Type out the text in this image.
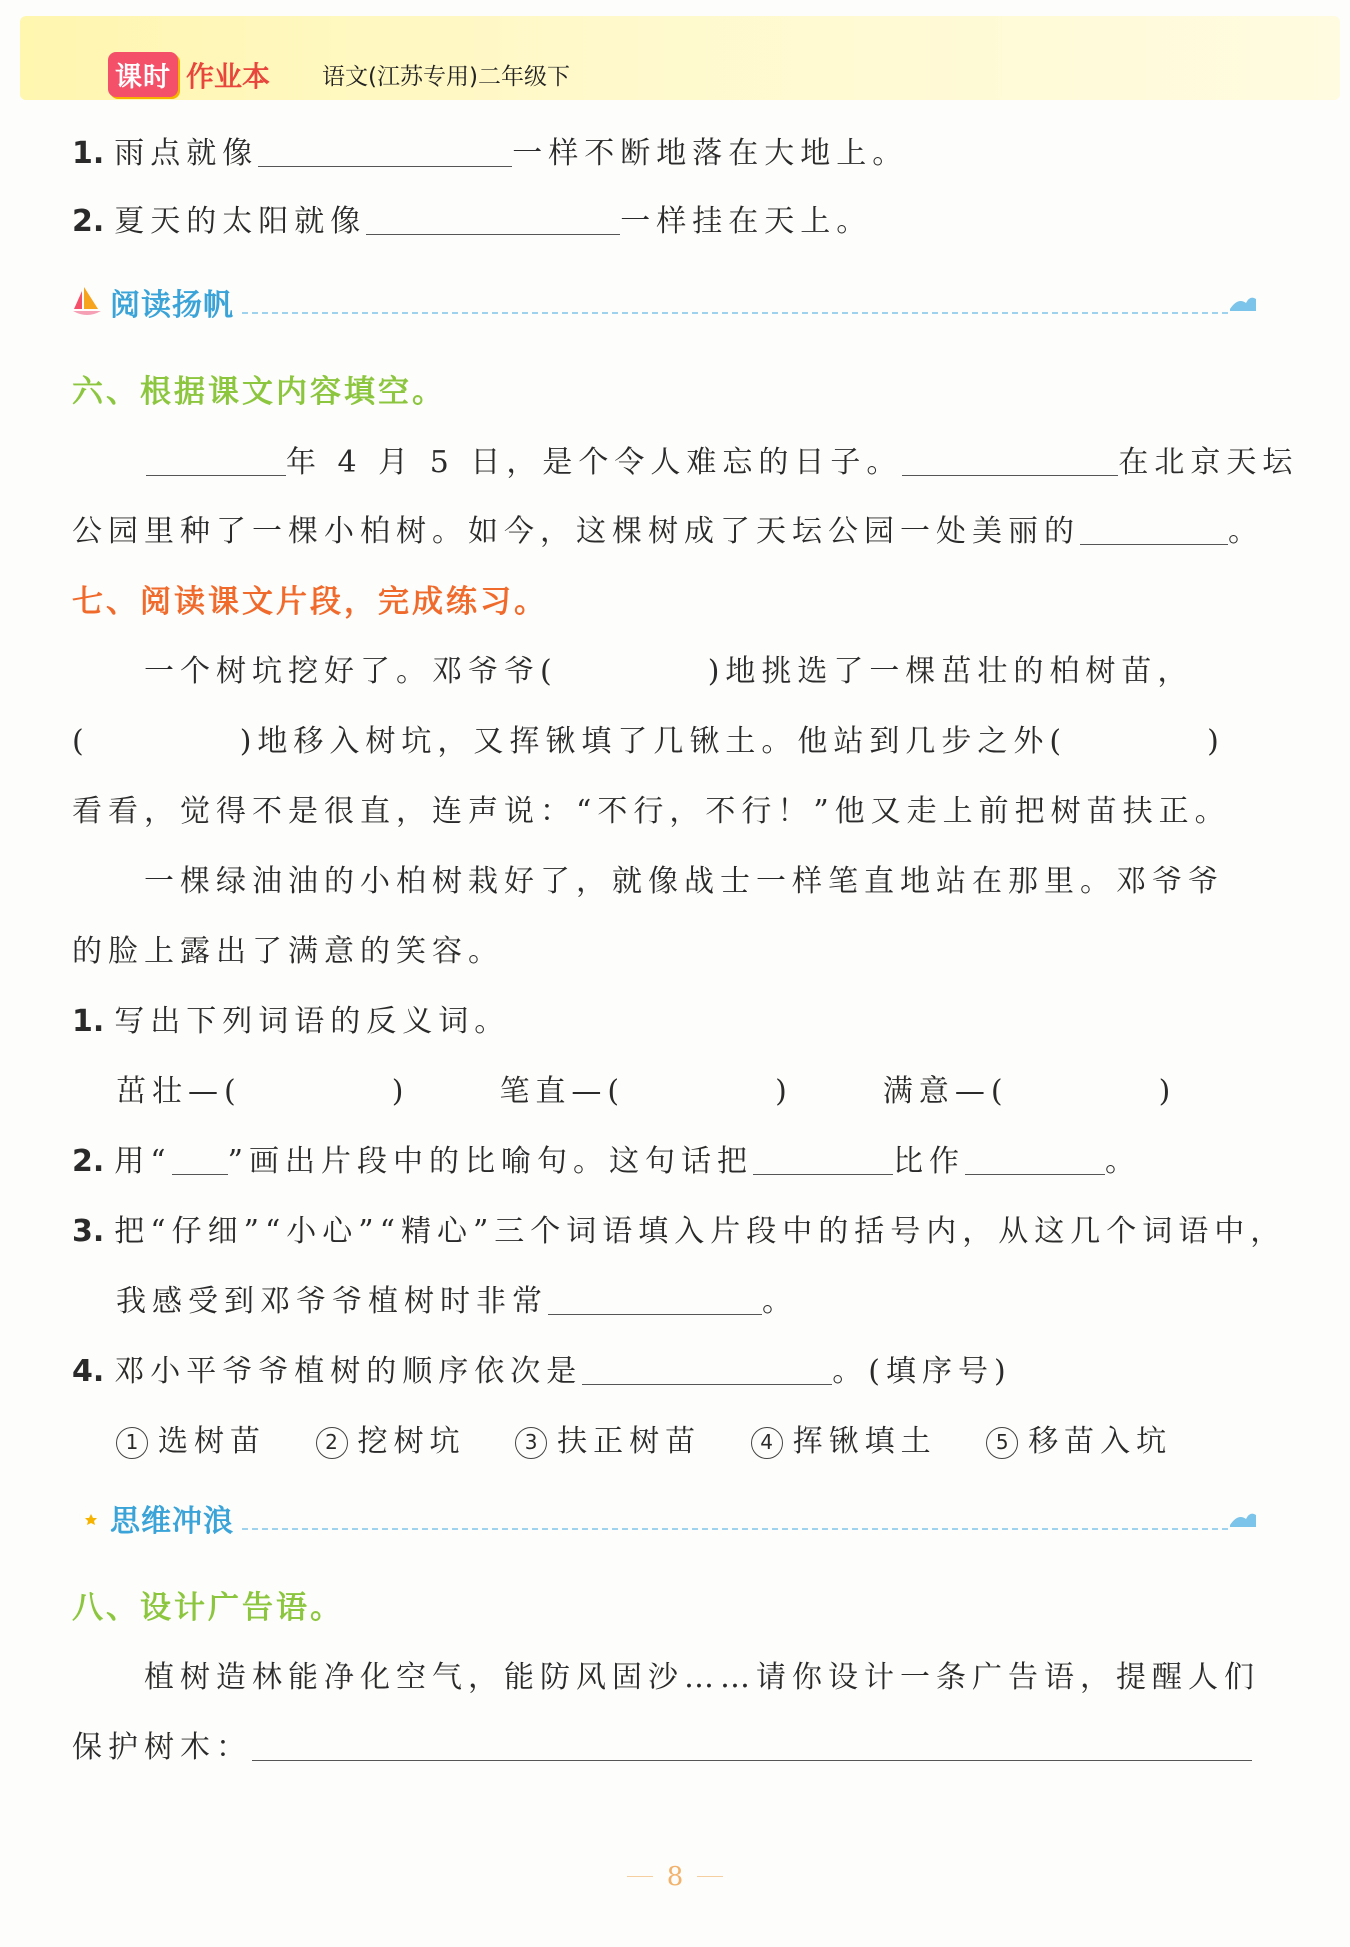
课时 作业本 语文(江苏专用)二年级下
1. 雨点就像	一样不断地落在大地上。
2. 夏天的太阳就像	一样挂在天上。
阅读扬帆
六、根据课文内容填空。
年 4 月 5 日，是个令人难忘的日子。	在北京天坛
公园里种了一棵小柏树。如今，这棵树成了天坛公园一处美丽的	。
七、阅读课文片段，完成练习。
一个树坑挖好了。邓爷爷(	)地挑选了一棵茁壮的柏树苗，
(	)地移入树坑，又挥锹填了几锹土。他站到几步之外(	)
看看，觉得不是很直，连声说：“不行，不行！”他又走上前把树苗扶正。
一棵绿油油的小柏树栽好了，就像战士一样笔直地站在那里。邓爷爷
的脸上露出了满意的笑容。
1. 写出下列词语的反义词。
茁壮—(	)	笔直—(	)	满意—(	)
2. 用“ ”画出片段中的比喻句。这句话把	比作	。
3. 把“仔细”“小心”“精心”三个词语填入片段中的括号内，从这几个词语中，
我感受到邓爷爷植树时非常	。
4. 邓小平爷爷植树的顺序依次是	。(填序号)
1 选树苗	2 挖树坑	3 扶正树苗	4 挥锹填土	5 移苗入坑
思维冲浪
八、设计广告语。
植树造林能净化空气，能防风固沙……请你设计一条广告语，提醒人们
保护树木：
8
